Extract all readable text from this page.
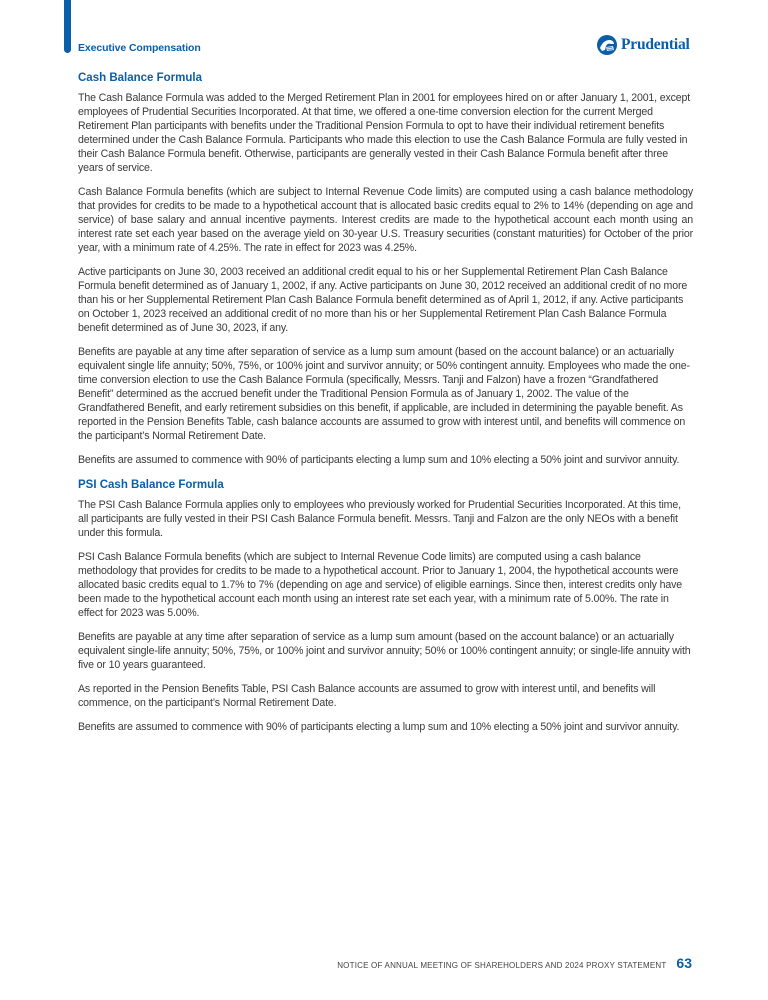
Executive Compensation	Prudential
Cash Balance Formula

The Cash Balance Formula was added to the Merged Retirement Plan in 2001 for employees hired on or after January 1, 2001, except employees of Prudential Securities Incorporated. At that time, we offered a one-time conversion election for the current Merged Retirement Plan participants with benefits under the Traditional Pension Formula to opt to have their individual retirement benefits determined under the Cash Balance Formula. Participants who made this election to use the Cash Balance Formula are fully vested in their Cash Balance Formula benefit. Otherwise, participants are generally vested in their Cash Balance Formula benefit after three years of service.

Cash Balance Formula benefits (which are subject to Internal Revenue Code limits) are computed using a cash balance methodology that provides for credits to be made to a hypothetical account that is allocated basic credits equal to 2% to 14% (depending on age and service) of base salary and annual incentive payments. Interest credits are made to the hypothetical account each month using an interest rate set each year based on the average yield on 30-year U.S. Treasury securities (constant maturities) for October of the prior year, with a minimum rate of 4.25%. The rate in effect for 2023 was 4.25%.

Active participants on June 30, 2003 received an additional credit equal to his or her Supplemental Retirement Plan Cash Balance Formula benefit determined as of January 1, 2002, if any. Active participants on June 30, 2012 received an additional credit of no more than his or her Supplemental Retirement Plan Cash Balance Formula benefit determined as of April 1, 2012, if any. Active participants on October 1, 2023 received an additional credit of no more than his or her Supplemental Retirement Plan Cash Balance Formula benefit determined as of June 30, 2023, if any.

Benefits are payable at any time after separation of service as a lump sum amount (based on the account balance) or an actuarially equivalent single life annuity; 50%, 75%, or 100% joint and survivor annuity; or 50% contingent annuity. Employees who made the one-time conversion election to use the Cash Balance Formula (specifically, Messrs. Tanji and Falzon) have a frozen “Grandfathered Benefit” determined as the accrued benefit under the Traditional Pension Formula as of January 1, 2002. The value of the Grandfathered Benefit, and early retirement subsidies on this benefit, if applicable, are included in determining the payable benefit. As reported in the Pension Benefits Table, cash balance accounts are assumed to grow with interest until, and benefits will commence on the participant’s Normal Retirement Date.

Benefits are assumed to commence with 90% of participants electing a lump sum and 10% electing a 50% joint and survivor annuity.

PSI Cash Balance Formula

The PSI Cash Balance Formula applies only to employees who previously worked for Prudential Securities Incorporated. At this time, all participants are fully vested in their PSI Cash Balance Formula benefit. Messrs. Tanji and Falzon are the only NEOs with a benefit under this formula.

PSI Cash Balance Formula benefits (which are subject to Internal Revenue Code limits) are computed using a cash balance methodology that provides for credits to be made to a hypothetical account. Prior to January 1, 2004, the hypothetical accounts were allocated basic credits equal to 1.7% to 7% (depending on age and service) of eligible earnings. Since then, interest credits only have been made to the hypothetical account each month using an interest rate set each year, with a minimum rate of 5.00%. The rate in effect for 2023 was 5.00%.

Benefits are payable at any time after separation of service as a lump sum amount (based on the account balance) or an actuarially equivalent single-life annuity; 50%, 75%, or 100% joint and survivor annuity; 50% or 100% contingent annuity; or single-life annuity with five or 10 years guaranteed.

As reported in the Pension Benefits Table, PSI Cash Balance accounts are assumed to grow with interest until, and benefits will commence, on the participant’s Normal Retirement Date.

Benefits are assumed to commence with 90% of participants electing a lump sum and 10% electing a 50% joint and survivor annuity.

NOTICE OF ANNUAL MEETING OF SHAREHOLDERS AND 2024 PROXY STATEMENT 63
